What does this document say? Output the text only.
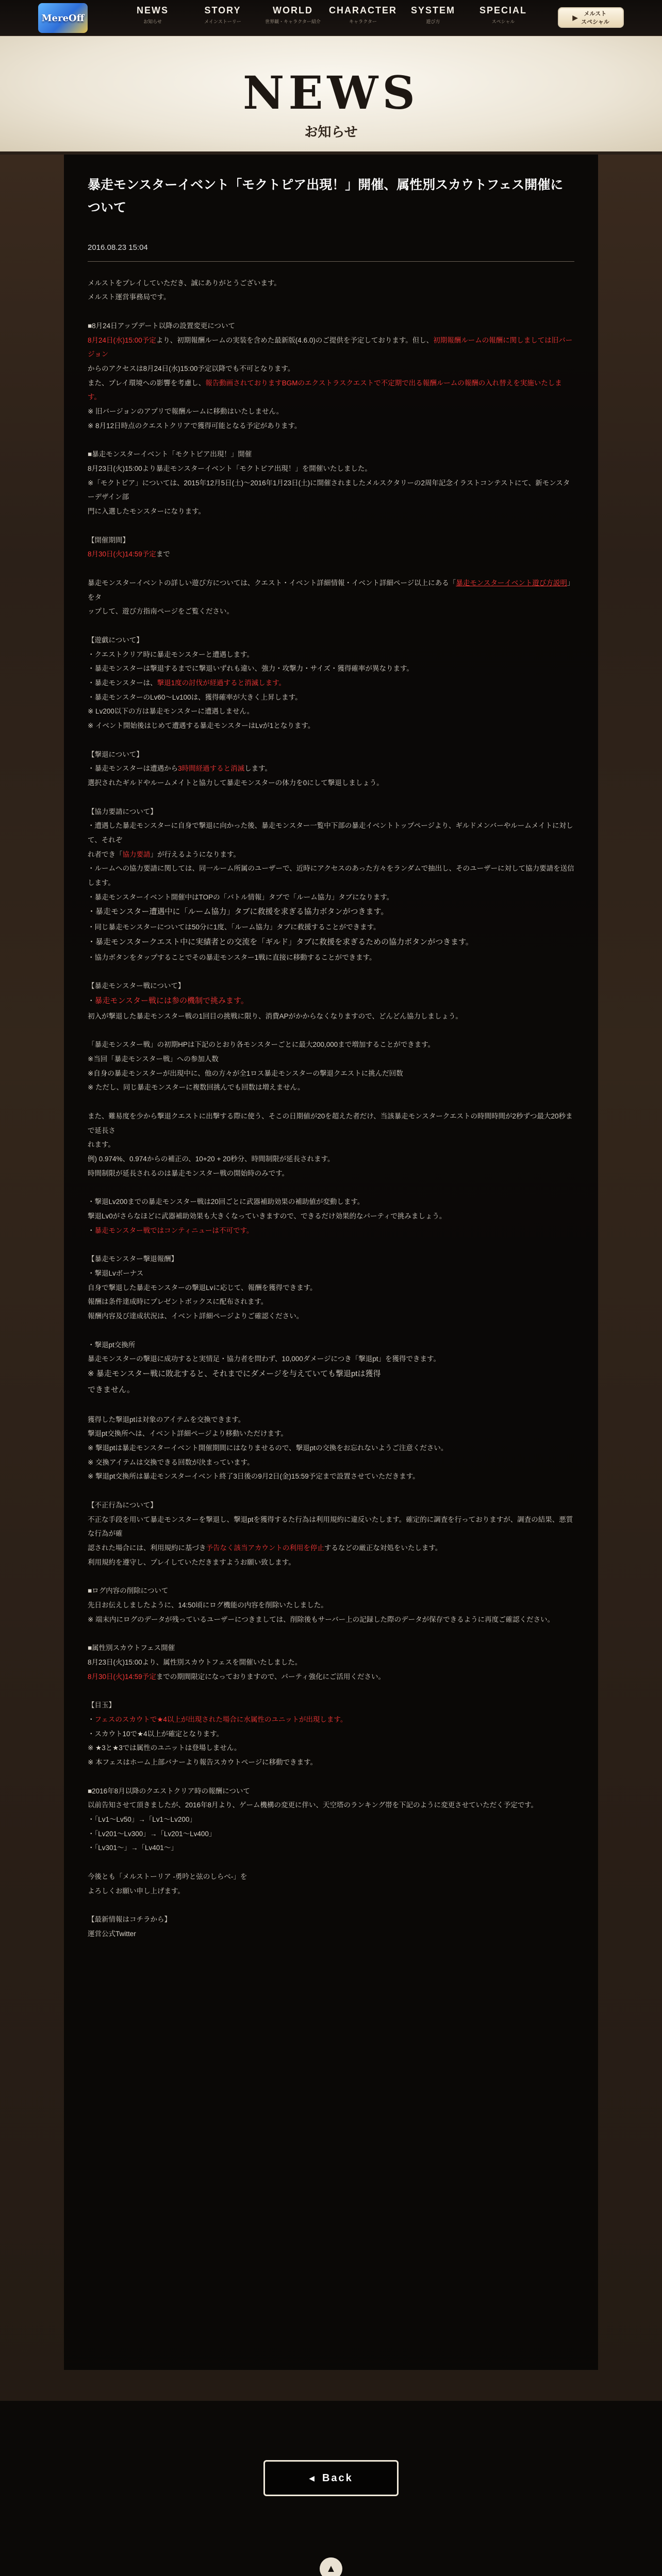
MereOff
NEWS
お知らせ
STORY
メインストーリー
WORLD
世界観・キャラクター紹介
CHARACTER
キャラクター
SYSTEM
遊び方
SPECIAL
スペシャル
▶	メルスト
スペシャル
NEWS
お知らせ
暴走モンスターイベント「モクトピア出現！」開催、属性別スカウトフェス開催について
2016.08.23 15:04

メルストをプレイしていただき、誠にありがとうございます。

メルスト運営事務局です。

■8月24日アップデート以降の設置変更について

8月24日(水)15:00予定より、初期報酬ルームの実装を含めた最新版(4.6.0)のご提供を予定しております。但し、初期報酬ルームの報酬に関しましては旧バージョン

からのアクセスは8月24日(水)15:00予定以降でも不可となります。

また、プレイ環境への影響を考慮し、報告動画されておりますBGMのエクストラスクエストで不定期で出る報酬ルームの報酬の入れ替えを実施いたします。

※ 旧バージョンのアプリで報酬ルームに移動はいたしません。

※ 8月12日時点のクエストクリアで獲得可能となる予定があります。

■暴走モンスターイベント「モクトピア出現！」開催

8月23日(火)15:00より暴走モンスターイベント「モクトピア出現！」を開催いたしました。

※「モクトピア」については、2015年12月5日(土)〜2016年1月23日(土)に開催されましたメルスクタリーの2周年記念イラストコンテストにて、新モンスターデザイン部

門に入選したモンスターになります。

【開催期間】

8月30日(火)14:59予定まで

暴走モンスターイベントの詳しい遊び方については、クエスト・イベント詳細情報・イベント詳細ページ以上にある「暴走モンスターイベント遊び方説明」をタ

ップして、遊び方指南ページをご覧ください。

【遊戯について】

・クエストクリア時に暴走モンスターと遭遇します。

・暴走モンスターは撃退するまでに撃退いずれも違い、強力・攻撃力・サイズ・獲得確率が異なります。

・暴走モンスターは、撃退1度の討伐が経過すると消滅します。

・暴走モンスターのLv60〜Lv100は、獲得確率が大きく上昇します。

※ Lv200以下の方は暴走モンスターに遭遇しません。

※ イベント開始後はじめて遭遇する暴走モンスターはLvが1となります。

【撃退について】

・暴走モンスターは遭遇から3時間経過すると消滅します。

選択されたギルドやルームメイトと協力して暴走モンスターの体力を0にして撃退しましょう。

【協力要請について】

・遭遇した暴走モンスターに自身で撃退に向かった後、暴走モンスター一覧中下部の暴走イベントトップページより、ギルドメンバーやルームメイトに対して、それぞ

れ者でき「協力要請」が行えるようになります。

・ルームへの協力要請に関しては、同一ルーム所属のユーザーで、近時にアクセスのあった方々をランダムで抽出し、そのユーザーに対して協力要請を送信します。

・暴走モンスターイベント開催中はTOPの「バトル情報」タブで「ルーム協力」タブになります。

・暴走モンスター遭遇中に「ルーム協力」タブに救援を求ぎる協力ボタンがつきます。

・同じ暴走モンスターについては50分に1度、「ルーム協力」タブに救援することができます。

・暴走モンスタークエスト中に実績者との交流を「ギルド」タブに救援を求ぎるための協力ボタンがつきます。

・協力ボタンをタップすることでその暴走モンスター1戦に直接に移動することができます。

【暴走モンスター戦について】

・暴走モンスター戦には参の機制で挑みます。

初入が撃退した暴走モンスター戦の1回目の挑戦に限り、消費APがかからなくなりますので、どんどん協力しましょう。

「暴走モンスター戦」の初期HPは下記のとおり各モンスターごとに最大200,000まで増加することができます。

※当回「暴走モンスター戦」への参加人数

※自身の暴走モンスターが出現中に、他の方々が全1ロス暴走モンスターの撃退クエストに挑んだ回数

※ ただし、同じ暴走モンスターに複数回挑んでも回数は増えません。

また、難易度を少から撃退クエストに出撃する際に使う、そこの日期値が20を超えた者だけ、当該暴走モンスタークエストの時間時間が2秒ずつ最大20秒まで延長さ

れます。

例) 0.974%、0.974からの補正の、10+20 + 20秒分、時間制限が延長されます。

時間制限が延長されるのは暴走モンスター戦の開始時のみです。

・撃退Lv200までの暴走モンスター戦は20回ごとに武器補助効果の補助値が変動します。

撃退Lv0がさらなほどに武器補助効果も大きくなっていきますので、できるだけ効果的なパーティで挑みましょう。

・暴走モンスター戦ではコンティニューは不可です。

【暴走モンスター撃退報酬】

・撃退Lvボーナス

自身で撃退した暴走モンスターの撃退Lvに応じて、報酬を獲得できます。

報酬は条件達成時にプレゼントボックスに配布されます。

報酬内容及び達成状況は、イベント詳細ページよりご確認ください。

・撃退pt交換所

暴走モンスターの撃退に成功すると実情足・協力者を問わず、10,000ダメージにつき「撃退pt」を獲得できます。

※ 暴走モンスター戦に敗北すると、それまでにダメージを与えていても撃退ptは獲得

できません。

獲得した撃退ptは対象のアイテムを交換できます。

撃退pt交換所へは、イベント詳細ページより移動いただけます。

※ 撃退ptは暴走モンスターイベント開催期間にはなりませるので、撃退ptの交換をお忘れないようご注意ください。

※ 交換アイテムは交換できる回数が決まっています。

※ 撃退pt交換所は暴走モンスターイベント終了3日後の9月2日(金)15:59予定まで設置させていただきます。

【不正行為について】

不正な手段を用いて暴走モンスターを撃退し、撃退ptを獲得するた行為は利用規約に違反いたします。確定的に調査を行っておりますが、調査の結果、悪質な行為が確

認された場合には、利用規約に基づき予告なく該当アカウントの利用を停止するなどの厳正な対処をいたします。

利用規約を遵守し、プレイしていただきますようお願い致します。

■ログ内容の削除について

先日お伝えしましたように、14:50頃にログ機能の内容を削除いたしました。

※ 端末内にログのデータが残っているユーザーにつきましては、削除後もサーバー上の記録した際のデータが保存できるように再度ご確認ください。

■属性別スカウトフェス開催

8月23日(火)15:00より、属性別スカウトフェスを開催いたしました。

8月30日(火)14:59予定までの期間限定になっておりますので、パーティ強化にご活用ください。

【目玉】

・フェスのスカウトで★4以上が出現された場合に水属性のユニットが出現します。

・スカウト10で★4以上が確定となります。

※ ★3と★3では属性のユニットは登場しません。

※ 本フェスはホーム上部バナーより報告スカウトページに移動できます。

■2016年8月以降のクエストクリア時の報酬について

以前告知させて頂きましたが、2016年8月より、ゲーム機構の変更に伴い、天空塔のランキング帯を下記のように変更させていただく予定です。

・「Lv1〜Lv50」→「Lv1〜Lv200」

・「Lv201〜Lv300」→「Lv201〜Lv400」

・「Lv301〜」→「Lv401〜」

今後とも「メルストーリア -勇吟と弦のしらべ-」を

よろしくお願い申し上げます。

【最新情報はコチラから】

運営公式Twitter

◀ Back
▲
